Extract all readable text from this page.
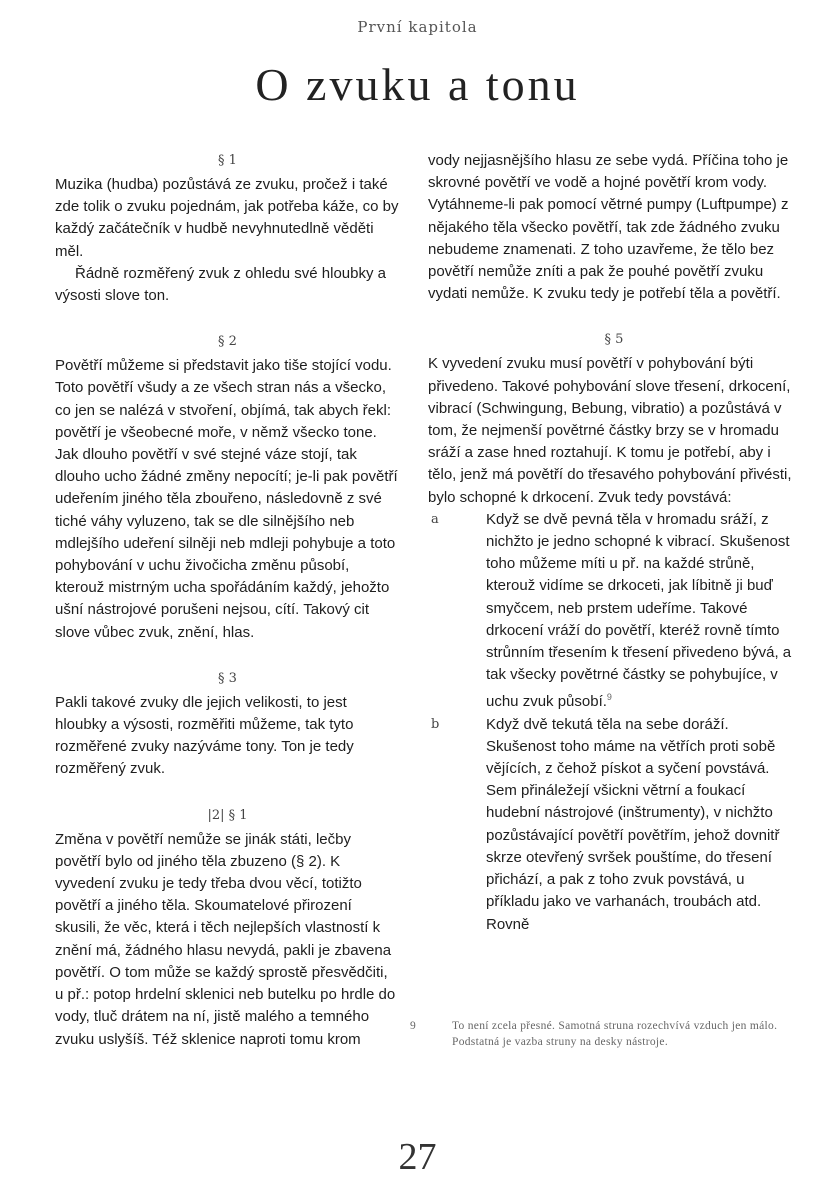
První kapitola
O zvuku a tonu
§ 1

Muzika (hudba) pozůstává ze zvuku, pročež i také zde tolik o zvuku pojednám, jak potřeba káže, co by každý začátečník v hudbě nevyhnutedlně věděti měl.

Řádně rozměřený zvuk z ohledu své hloubky a výsosti slove ton.

§ 2

Povětří můžeme si představit jako tiše stojící vodu. Toto povětří všudy a ze všech stran nás a všecko, co jen se nalézá v stvoření, objímá, tak abych řekl: povětří je všeobecné moře, v němž všecko tone. Jak dlouho povětří v své stejné váze stojí, tak dlouho ucho žádné změny nepocítí; je-li pak povětří udeřením jiného těla zbouřeno, následovně z své tiché váhy vyluzeno, tak se dle silnějšího neb mdlejšího udeření silněji neb mdleji pohybuje a toto pohybování v uchu živočicha změnu působí, kterouž mistrným ucha spořádáním každý, jehožto ušní nástrojové porušeni nejsou, cítí. Takový cit slove vůbec zvuk, znění, hlas.

§ 3

Pakli takové zvuky dle jejich velikosti, to jest hloubky a výsosti, rozměřiti můžeme, tak tyto rozměřené zvuky nazýváme tony. Ton je tedy rozměřený zvuk.

|2| § 1

Změna v povětří nemůže se jinák státi, lečby povětří bylo od jiného těla zbuzeno (§ 2). K vyvedení zvuku je tedy třeba dvou věcí, totižto povětří a jiného těla. Skoumatelové přirození skusili, že věc, která i těch nejlepších vlastností k znění má, žádného hlasu nevydá, pakli je zbavena povětří. O tom může se každý sprostě přesvědčiti, u př.: potop hrdelní sklenici neb butelku po hrdle do vody, tluč drátem na ní, jistě malého a temného zvuku uslyšíš. Též sklenice naproti tomu krom

vody nejjasnějšího hlasu ze sebe vydá. Příčina toho je skrovné povětří ve vodě a hojné povětří krom vody. Vytáhneme-li pak pomocí větrné pumpy (Luftpumpe) z nějakého těla všecko povětří, tak zde žádného zvuku nebudeme znamenati. Z toho uzavřeme, že tělo bez povětří nemůže zníti a pak že pouhé povětří zvuku vydati nemůže. K zvuku tedy je potřebí těla a povětří.

§ 5

K vyvedení zvuku musí povětří v pohybování býti přivedeno. Takové pohybování slove třesení, drkocení, vibrací (Schwingung, Bebung, vibratio) a pozůstává v tom, že nejmenší povětrné částky brzy se v hromadu sráží a zase hned roztahují. K tomu je potřebí, aby i tělo, jenž má povětří do třesavého pohybování přivésti, bylo schopné k drkocení. Zvuk tedy povstává:

a	Když se dvě pevná těla v hromadu sráží, z nichžto je jedno schopné k vibrací. Skušenost toho můžeme míti u př. na každé strůně, kterouž vidíme se drkoceti, jak líbitně ji buď smyčcem, neb prstem udeříme. Takové drkocení vráží do povětří, kteréž rovně tímto strůnním třesením k třesení přivedeno bývá, a tak všecky povětrné částky se pohybujíce, v uchu zvuk působí.$^9$
b	Když dvě tekutá těla na sebe doráží. Skušenost toho máme na větřích proti sobě vějících, z čehož pískot a syčení povstává. Sem přináležejí všickni větrní a foukací hudební nástrojové (inštrumenty), v nichžto pozůstávající povětří povětřím, jehož dovnitř skrze otevřený svršek pouštíme, do třesení přichází, a pak z toho zvuk povstává, u příkladu jako ve varhanách, troubách atd. Rovně
9	To není zcela přesné. Samotná struna rozechvívá vzduch jen málo. Podstatná je vazba struny na desky nástroje.
27
